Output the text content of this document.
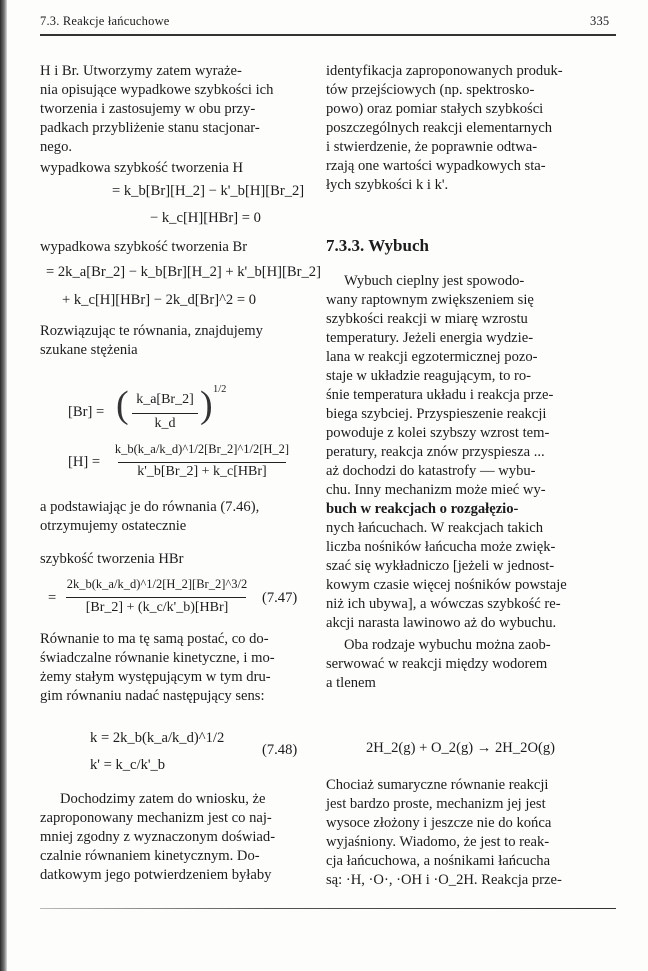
7.3. Reakcje łańcuchowe	335
H i Br. Utworzymy zatem wyraże-
nia opisujące wypadkowe szybkości ich
tworzenia i zastosujemy w obu przy-
padkach przybliżenie stanu stacjonar-
nego.
wypadkowa szybkość tworzenia H
= k_b[Br][H_2] − k'_b[H][Br_2]
− k_c[H][HBr] = 0
wypadkowa szybkość tworzenia Br
= 2k_a[Br_2] − k_b[Br][H_2] + k'_b[H][Br_2]
+ k_c[H][HBr] − 2k_d[Br]^2 = 0
Rozwiązując te równania, znajdujemy
szukane stężenia
[Br] = ( k_a[Br_2]
k_d ) 1/2
[H] =
k_b(k_a/k_d)^1/2[Br_2]^1/2[H_2]
k'_b[Br_2] + k_c[HBr]
a podstawiając je do równania (7.46),
otrzymujemy ostatecznie
szybkość tworzenia HBr
=
2k_b(k_a/k_d)^1/2[H_2][Br_2]^3/2
[Br_2] + (k_c/k'_b)[HBr]
(7.47)
Równanie to ma tę samą postać, co do-
świadczalne równanie kinetyczne, i mo-
żemy stałym występującym w tym dru-
gim równaniu nadać następujący sens:
k = 2k_b(k_a/k_d)^1/2
k' = k_c/k'_b
(7.48)
Dochodzimy zatem do wniosku, że
zaproponowany mechanizm jest co naj-
mniej zgodny z wyznaczonym doświad-
czalnie równaniem kinetycznym. Do-
datkowym jego potwierdzeniem byłaby
identyfikacja zaproponowanych produk-
tów przejściowych (np. spektrosko-
powo) oraz pomiar stałych szybkości
poszczególnych reakcji elementarnych
i stwierdzenie, że poprawnie odtwa-
rzają one wartości wypadkowych sta-
łych szybkości k i k'.
7.3.3. Wybuch
Wybuch cieplny jest spowodo-
wany raptownym zwiększeniem się
szybkości reakcji w miarę wzrostu
temperatury. Jeżeli energia wydzie-
lana w reakcji egzotermicznej pozo-
staje w układzie reagującym, to ro-
śnie temperatura układu i reakcja prze-
biega szybciej. Przyspieszenie reakcji
powoduje z kolei szybszy wzrost tem-
peratury, reakcja znów przyspiesza ...
aż dochodzi do katastrofy — wybu-
chu. Inny mechanizm może mieć wy-
buch w reakcjach o rozgałęzio-
nych łańcuchach. W reakcjach takich
liczba nośników łańcucha może zwięk-
szać się wykładniczo [jeżeli w jednost-
kowym czasie więcej nośników powstaje
niż ich ubywa], a wówczas szybkość re-
akcji narasta lawinowo aż do wybuchu.
Oba rodzaje wybuchu można zaob-
serwować w reakcji między wodorem
a tlenem
2H_2(g) + O_2(g) → 2H_2O(g)
Chociaż sumaryczne równanie reakcji
jest bardzo proste, mechanizm jej jest
wysoce złożony i jeszcze nie do końca
wyjaśniony. Wiadomo, że jest to reak-
cja łańcuchowa, a nośnikami łańcucha
są: ·H, ·O·, ·OH i ·O_2H. Reakcja prze-
